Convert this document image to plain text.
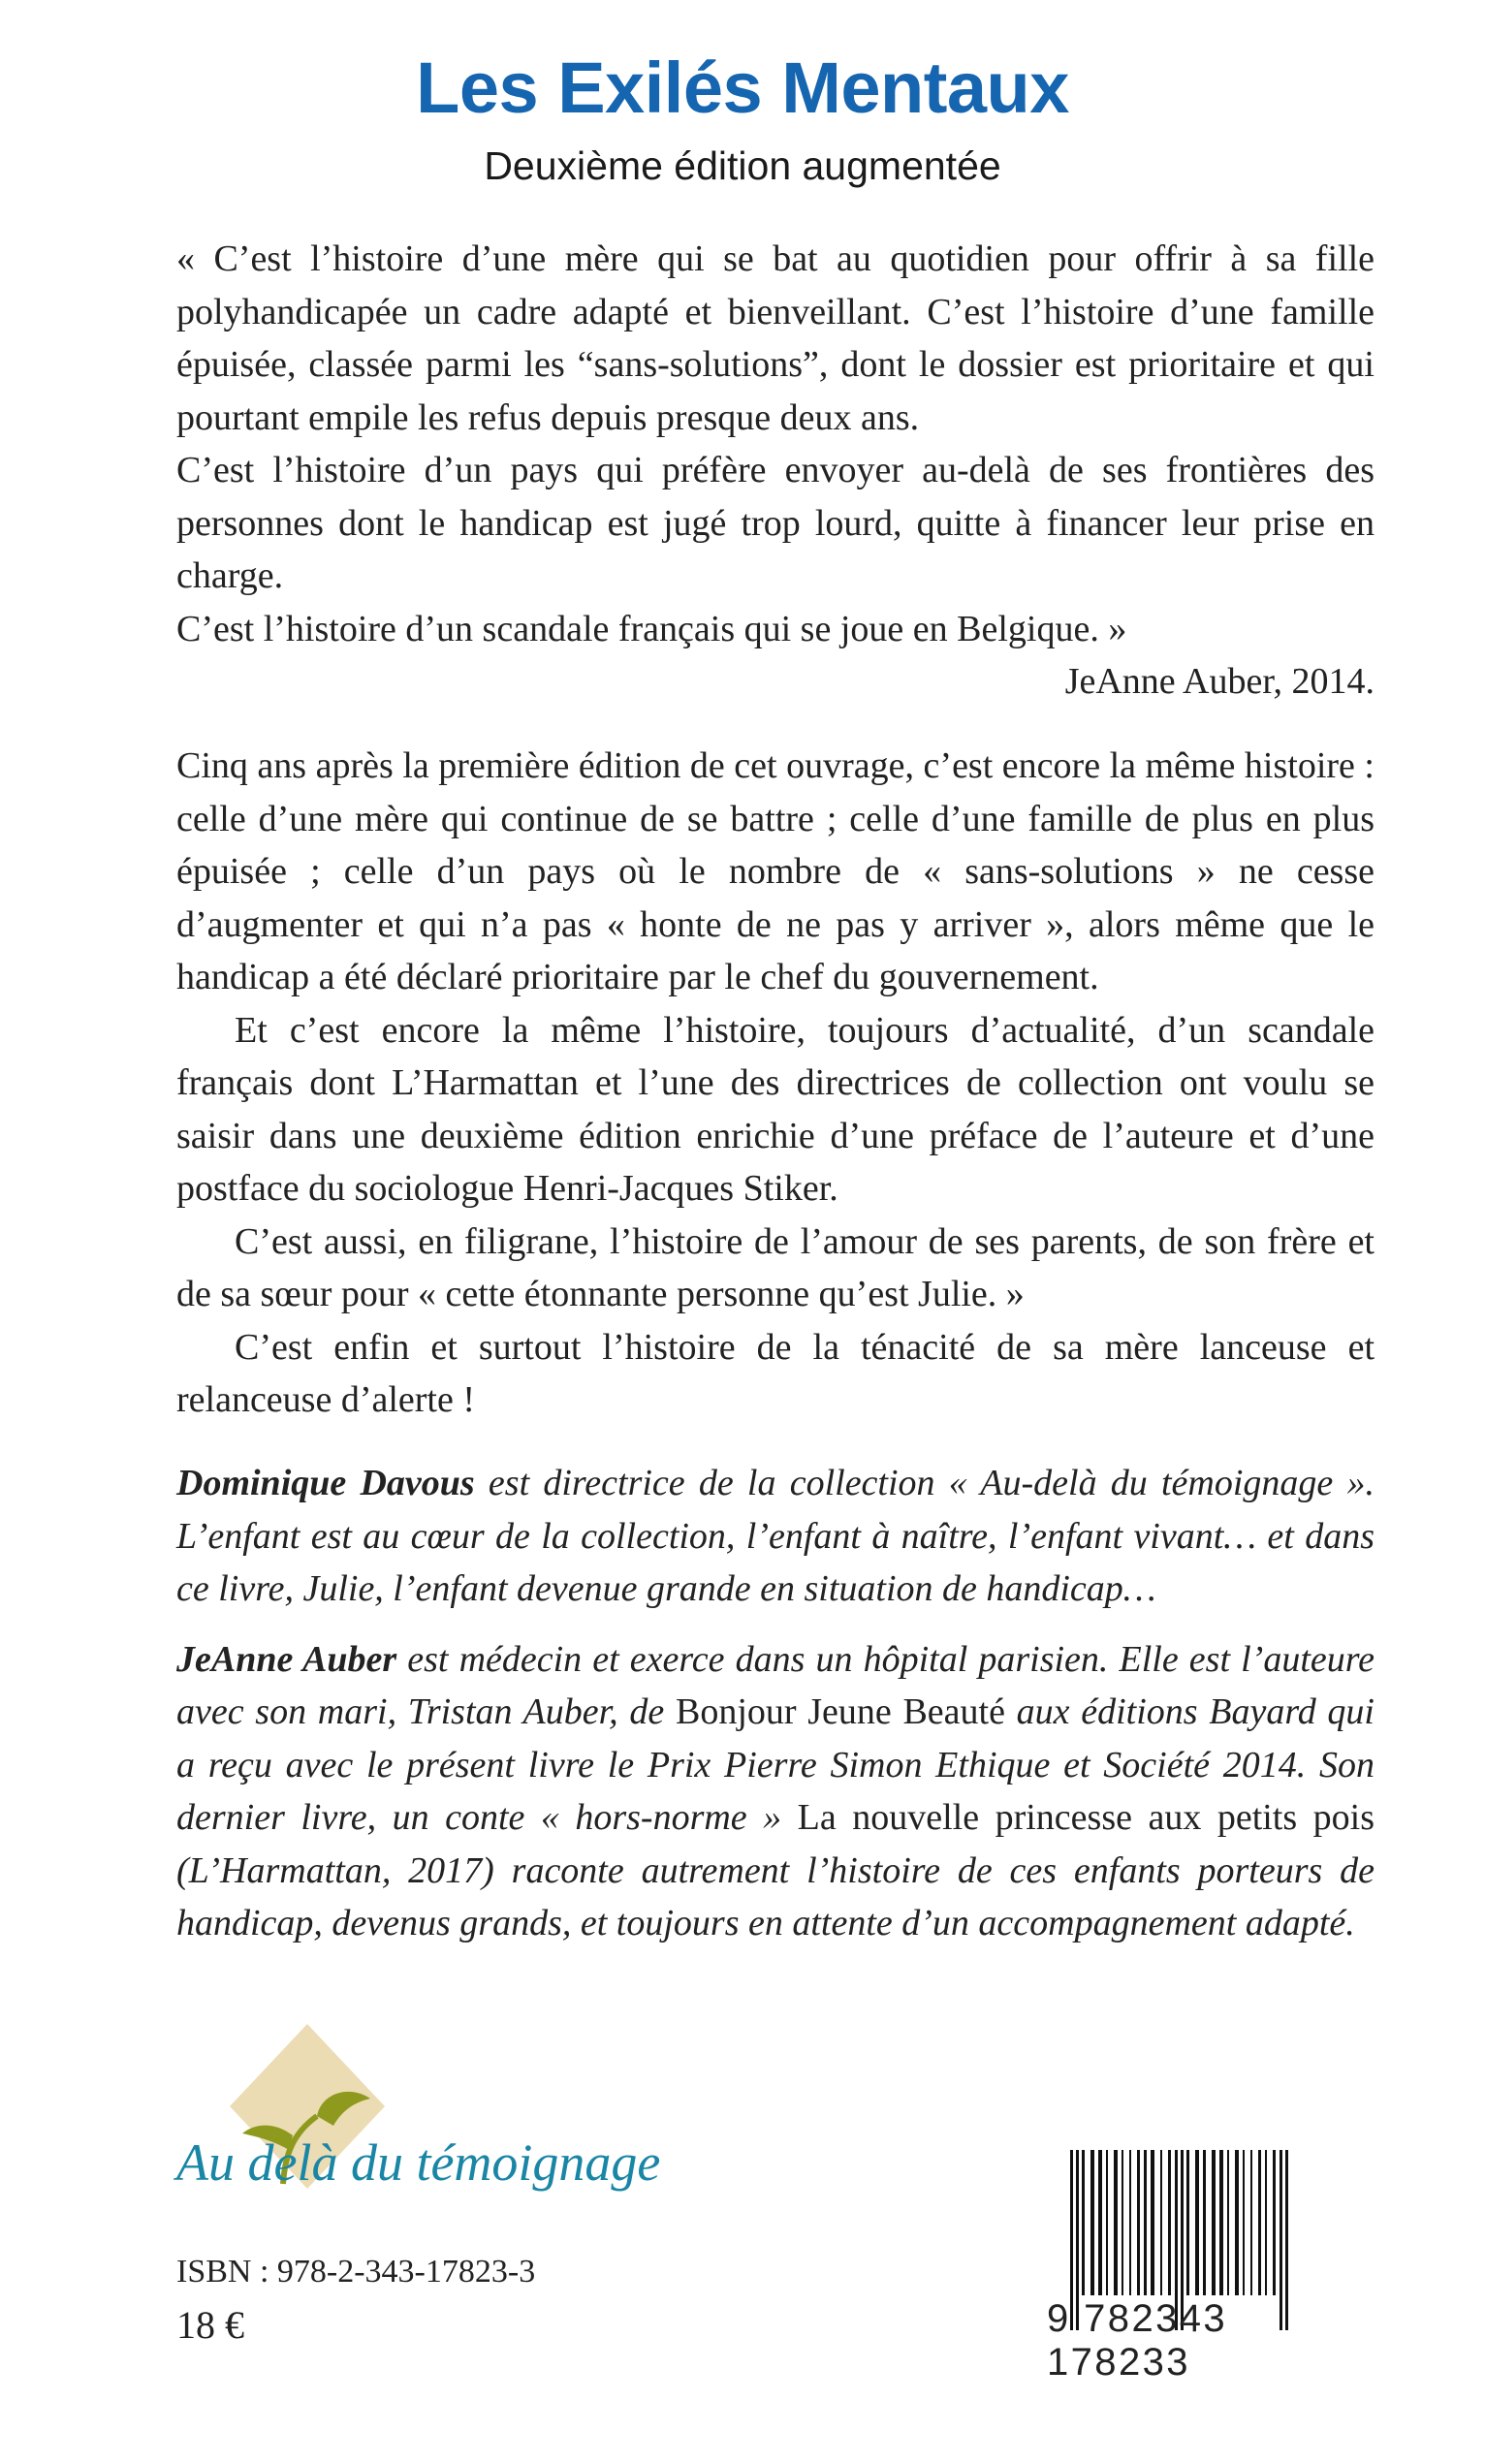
Les Exilés Mentaux
Deuxième édition augmentée

« C’est l’histoire d’une mère qui se bat au quotidien pour offrir à sa fille polyhandicapée un cadre adapté et bienveillant. C’est l’histoire d’une famille épuisée, classée parmi les “sans-solutions”, dont le dossier est prioritaire et qui pourtant empile les refus depuis presque deux ans.

C’est l’histoire d’un pays qui préfère envoyer au-delà de ses frontières des personnes dont le handicap est jugé trop lourd, quitte à financer leur prise en charge.

C’est l’histoire d’un scandale français qui se joue en Belgique. »

JeAnne Auber, 2014.

Cinq ans après la première édition de cet ouvrage, c’est encore la même histoire : celle d’une mère qui continue de se battre ; celle d’une famille de plus en plus épuisée ; celle d’un pays où le nombre de « sans-solutions » ne cesse d’augmenter et qui n’a pas « honte de ne pas y arriver », alors même que le handicap a été déclaré prioritaire par le chef du gouvernement.

Et c’est encore la même l’histoire, toujours d’actualité, d’un scandale français dont L’Harmattan et l’une des directrices de collection ont voulu se saisir dans une deuxième édition enrichie d’une préface de l’auteure et d’une postface du sociologue Henri-Jacques Stiker.

C’est aussi, en filigrane, l’histoire de l’amour de ses parents, de son frère et de sa sœur pour « cette étonnante personne qu’est Julie. »

C’est enfin et surtout l’histoire de la ténacité de sa mère lanceuse et relanceuse d’alerte !

Dominique Davous est directrice de la collection « Au-delà du témoignage ». L’enfant est au cœur de la collection, l’enfant à naître, l’enfant vivant… et dans ce livre, Julie, l’enfant devenue grande en situation de handicap…

JeAnne Auber est médecin et exerce dans un hôpital parisien. Elle est l’auteure avec son mari, Tristan Auber, de Bonjour Jeune Beauté aux éditions Bayard qui a reçu avec le présent livre le Prix Pierre Simon Ethique et Société 2014. Son dernier livre, un conte « hors-norme » La nouvelle princesse aux petits pois (L’Harmattan, 2017) raconte autrement l’histoire de ces enfants porteurs de handicap, devenus grands, et toujours en attente d’un accompagnement adapté.

Au delà du témoignage
ISBN : 978-2-343-17823-3
18 €	9 782343 178233
